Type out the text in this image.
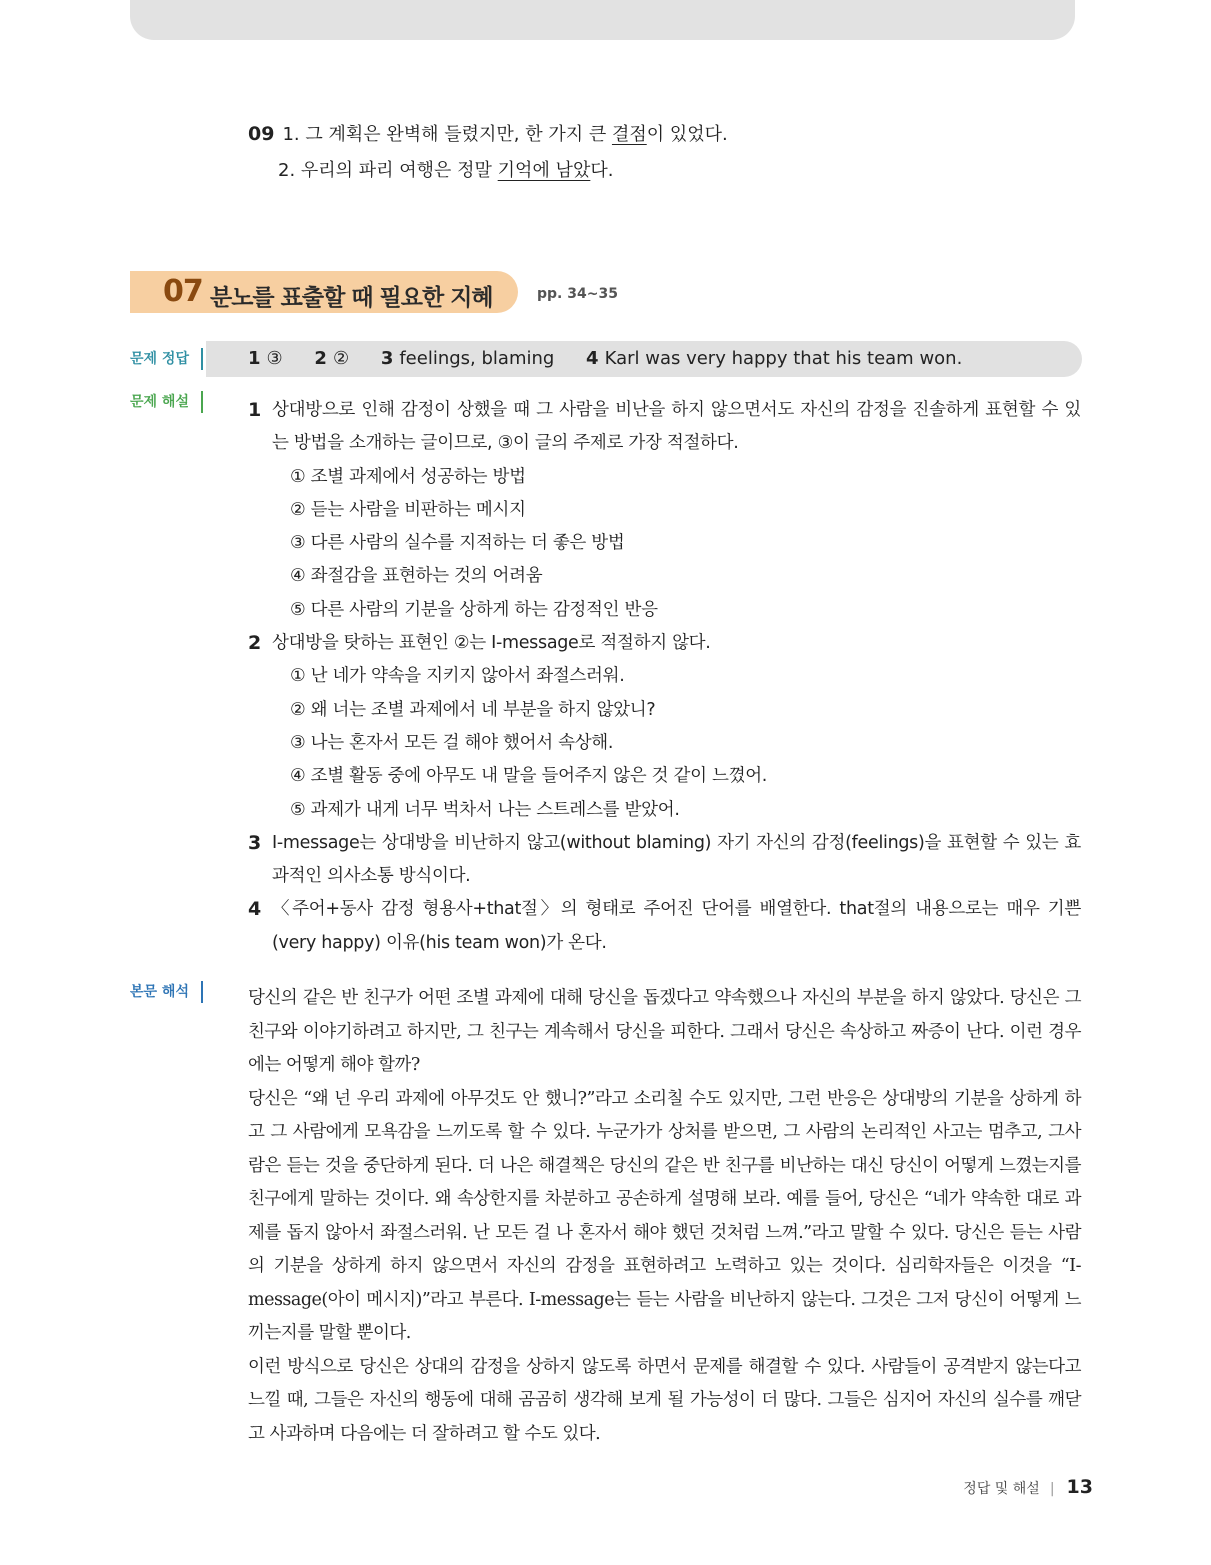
09 1. 그 계획은 완벽해 들렸지만, 한 가지 큰 결점이 있었다.
2. 우리의 파리 여행은 정말 기억에 남았다.
07 분노를 표출할 때 필요한 지혜	pp. 34~35
문제 정답	1 ③ 2 ② 3 feelings, blaming 4 Karl was very happy that his team won.
문제 해설	1 상대방으로 인해 감정이 상했을 때 그 사람을 비난을 하지 않으면서도 자신의 감정을 진솔하게 표현할 수 있는 방법을 소개하는 글이므로, ③이 글의 주제로 가장 적절하다.
① 조별 과제에서 성공하는 방법
② 듣는 사람을 비판하는 메시지
③ 다른 사람의 실수를 지적하는 더 좋은 방법
④ 좌절감을 표현하는 것의 어려움
⑤ 다른 사람의 기분을 상하게 하는 감정적인 반응
2 상대방을 탓하는 표현인 ②는 I-message로 적절하지 않다.
① 난 네가 약속을 지키지 않아서 좌절스러워.
② 왜 너는 조별 과제에서 네 부분을 하지 않았니?
③ 나는 혼자서 모든 걸 해야 했어서 속상해.
④ 조별 활동 중에 아무도 내 말을 들어주지 않은 것 같이 느꼈어.
⑤ 과제가 내게 너무 벅차서 나는 스트레스를 받았어.
3 I-message는 상대방을 비난하지 않고(without blaming) 자기 자신의 감정(feelings)을 표현할 수 있는 효과적인 의사소통 방식이다.
4 〈주어+동사 감정 형용사+that절〉의 형태로 주어진 단어를 배열한다. that절의 내용으로는 매우 기쁜(very happy) 이유(his team won)가 온다.
본문 해석	당신의 같은 반 친구가 어떤 조별 과제에 대해 당신을 돕겠다고 약속했으나 자신의 부분을 하지 않았다. 당신은 그 친구와 이야기하려고 하지만, 그 친구는 계속해서 당신을 피한다. 그래서 당신은 속상하고 짜증이 난다. 이런 경우에는 어떻게 해야 할까?

당신은 “왜 넌 우리 과제에 아무것도 안 했니?”라고 소리칠 수도 있지만, 그런 반응은 상대방의 기분을 상하게 하고 그 사람에게 모욕감을 느끼도록 할 수 있다. 누군가가 상처를 받으면, 그 사람의 논리적인 사고는 멈추고, 그사람은 듣는 것을 중단하게 된다. 더 나은 해결책은 당신의 같은 반 친구를 비난하는 대신 당신이 어떻게 느꼈는지를 친구에게 말하는 것이다. 왜 속상한지를 차분하고 공손하게 설명해 보라. 예를 들어, 당신은 “네가 약속한 대로 과제를 돕지 않아서 좌절스러워. 난 모든 걸 나 혼자서 해야 했던 것처럼 느껴.”라고 말할 수 있다. 당신은 듣는 사람의 기분을 상하게 하지 않으면서 자신의 감정을 표현하려고 노력하고 있는 것이다. 심리학자들은 이것을 “I-message(아이 메시지)”라고 부른다. I-message는 듣는 사람을 비난하지 않는다. 그것은 그저 당신이 어떻게 느끼는지를 말할 뿐이다.

이런 방식으로 당신은 상대의 감정을 상하지 않도록 하면서 문제를 해결할 수 있다. 사람들이 공격받지 않는다고 느낄 때, 그들은 자신의 행동에 대해 곰곰히 생각해 보게 될 가능성이 더 많다. 그들은 심지어 자신의 실수를 깨닫고 사과하며 다음에는 더 잘하려고 할 수도 있다.

정답 및 해설 | 13
